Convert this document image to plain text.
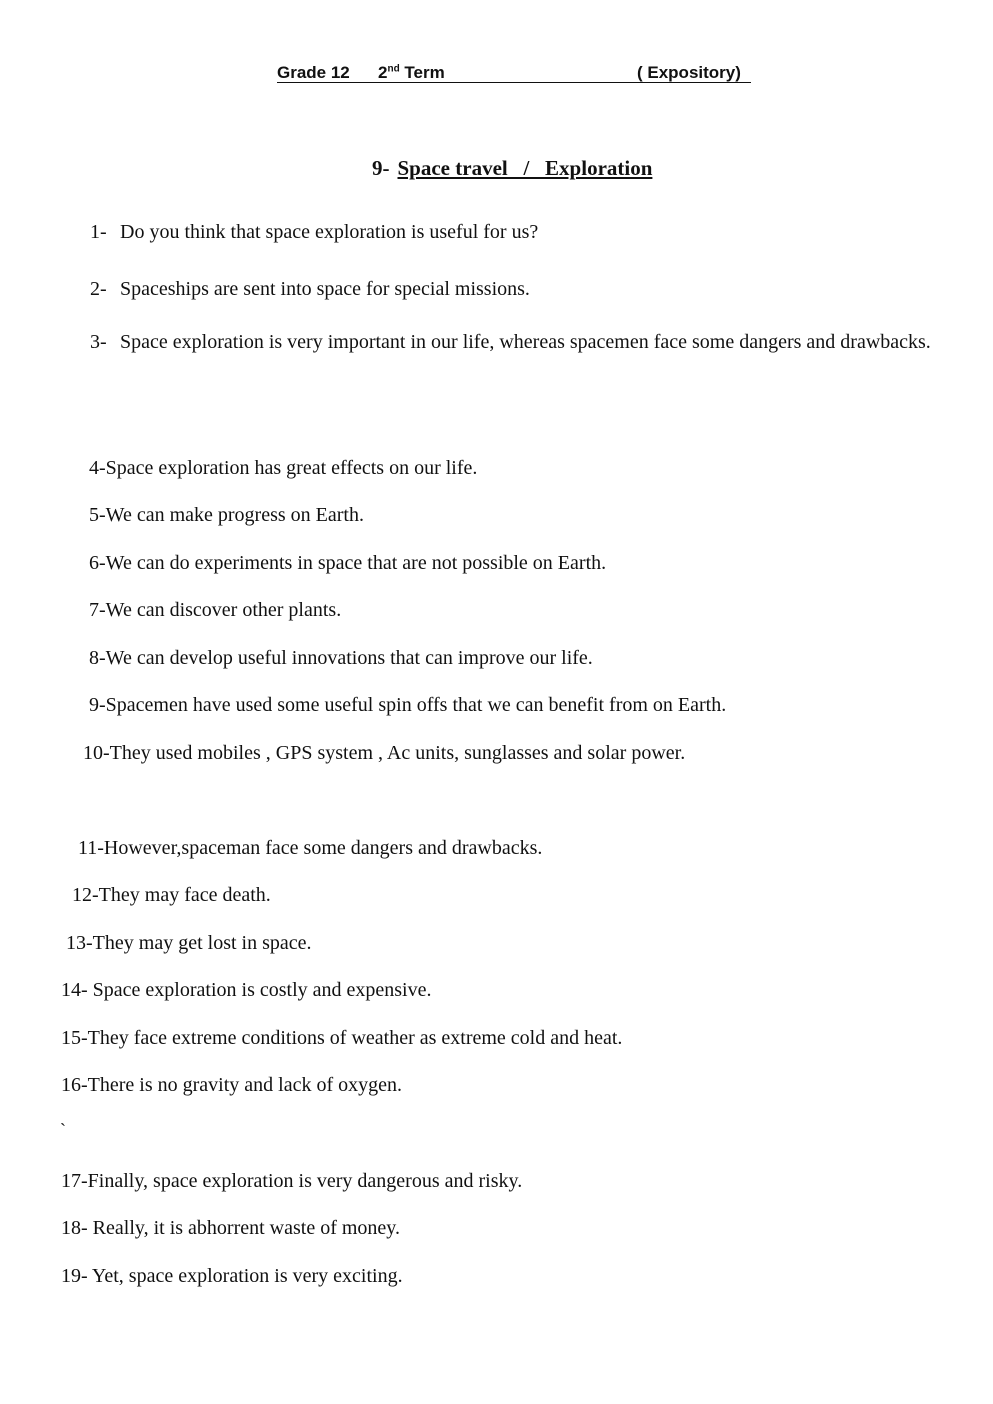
Grade 12 2nd Term	( Expository)
9- Space travel   /   Exploration
1- Do you think that space exploration is useful for us?
2- Spaceships are sent into space for special missions.
3- Space exploration is very important in our life, whereas spacemen face some dangers and drawbacks.
4-Space exploration has great effects on our life.
5-We can make progress on Earth.
6-We can do experiments in space that are not possible on Earth.
7-We can discover other plants.
8-We can develop useful innovations that can improve our life.
9-Spacemen have used some useful spin offs that we can benefit from on Earth.
10-They used mobiles , GPS system , Ac units, sunglasses and solar power.
11-However,spaceman face some dangers and drawbacks.
12-They may face death.
13-They may get lost in space.
14- Space exploration is costly and expensive.
15-They face extreme conditions of weather as extreme cold and heat.
16-There is no gravity and lack of oxygen.
`
17-Finally, space exploration is very dangerous and risky.
18- Really, it is abhorrent waste of money.
19- Yet, space exploration is very exciting.
